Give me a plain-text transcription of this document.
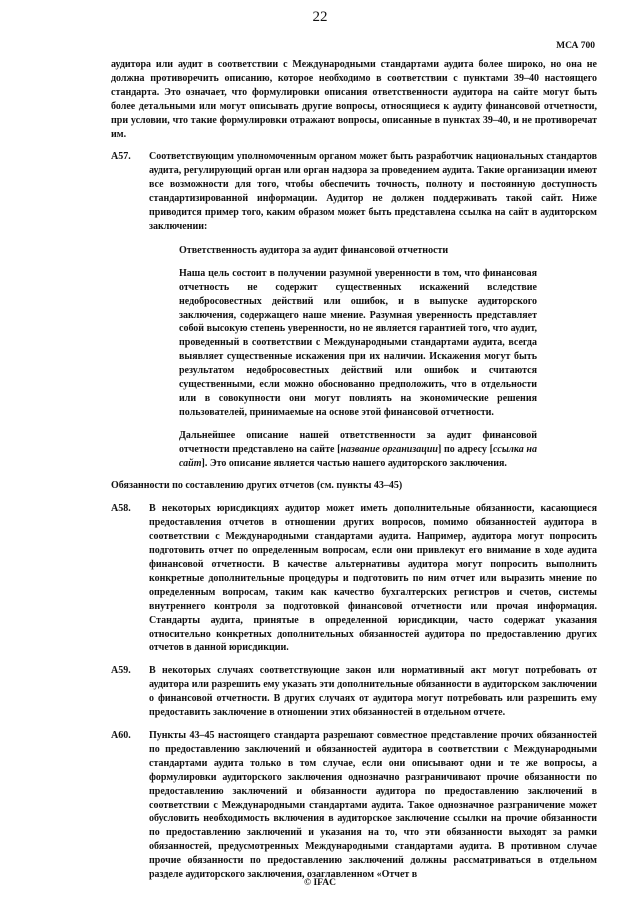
22
МСА 700

аудитора или аудит в соответствии с Международными стандартами аудита более широко, но она не должна противоречить описанию, которое необходимо в соответствии с пунктами 39–40 настоящего стандарта. Это означает, что формулировки описания ответственности аудитора на сайте могут быть более детальными или могут описывать другие вопросы, относящиеся к аудиту финансовой отчетности, при условии, что такие формулировки отражают вопросы, описанные в пунктах 39–40, и не противоречат им.

A57. Соответствующим уполномоченным органом может быть разработчик национальных стандартов аудита, регулирующий орган или орган надзора за проведением аудита. Такие организации имеют все возможности для того, чтобы обеспечить точность, полноту и постоянную доступность стандартизированной информации. Аудитор не должен поддерживать такой сайт. Ниже приводится пример того, каким образом может быть представлена ссылка на сайт в аудиторском заключении:

Ответственность аудитора за аудит финансовой отчетности

Наша цель состоит в получении разумной уверенности в том, что финансовая отчетность не содержит существенных искажений вследствие недобросовестных действий или ошибок, и в выпуске аудиторского заключения, содержащего наше мнение. Разумная уверенность представляет собой высокую степень уверенности, но не является гарантией того, что аудит, проведенный в соответствии с Международными стандартами аудита, всегда выявляет существенные искажения при их наличии. Искажения могут быть результатом недобросовестных действий или ошибок и считаются существенными, если можно обоснованно предположить, что в отдельности или в совокупности они могут повлиять на экономические решения пользователей, принимаемые на основе этой финансовой отчетности.

Дальнейшее описание нашей ответственности за аудит финансовой отчетности представлено на сайте [название организации] по адресу [ссылка на сайт]. Это описание является частью нашего аудиторского заключения.

Обязанности по составлению других отчетов (см. пункты 43–45)

A58. В некоторых юрисдикциях аудитор может иметь дополнительные обязанности, касающиеся предоставления отчетов в отношении других вопросов, помимо обязанностей аудитора в соответствии с Международными стандартами аудита. Например, аудитора могут попросить подготовить отчет по определенным вопросам, если они привлекут его внимание в ходе аудита финансовой отчетности. В качестве альтернативы аудитора могут попросить выполнить конкретные дополнительные процедуры и подготовить по ним отчет или выразить мнение по определенным вопросам, таким как качество бухгалтерских регистров и счетов, системы внутреннего контроля за подготовкой финансовой отчетности или прочая информация. Стандарты аудита, принятые в определенной юрисдикции, часто содержат указания относительно конкретных дополнительных обязанностей аудитора по предоставлению других отчетов в данной юрисдикции.

A59. В некоторых случаях соответствующие закон или нормативный акт могут потребовать от аудитора или разрешить ему указать эти дополнительные обязанности в аудиторском заключении о финансовой отчетности. В других случаях от аудитора могут потребовать или разрешить ему предоставить заключение в отношении этих обязанностей в отдельном отчете.

A60. Пункты 43–45 настоящего стандарта разрешают совместное представление прочих обязанностей по предоставлению заключений и обязанностей аудитора в соответствии с Международными стандартами аудита только в том случае, если они описывают одни и те же вопросы, а формулировки аудиторского заключения однозначно разграничивают прочие обязанности по предоставлению заключений и обязанности аудитора по предоставлению заключений в соответствии с Международными стандартами аудита. Такое однозначное разграничение может обусловить необходимость включения в аудиторское заключение ссылки на прочие обязанности по предоставлению заключений и указания на то, что эти обязанности выходят за рамки обязанностей, предусмотренных Международными стандартами аудита. В противном случае прочие обязанности по предоставлению заключений должны рассматриваться в отдельном разделе аудиторского заключения, озаглавленном «Отчет в

© IFAC
